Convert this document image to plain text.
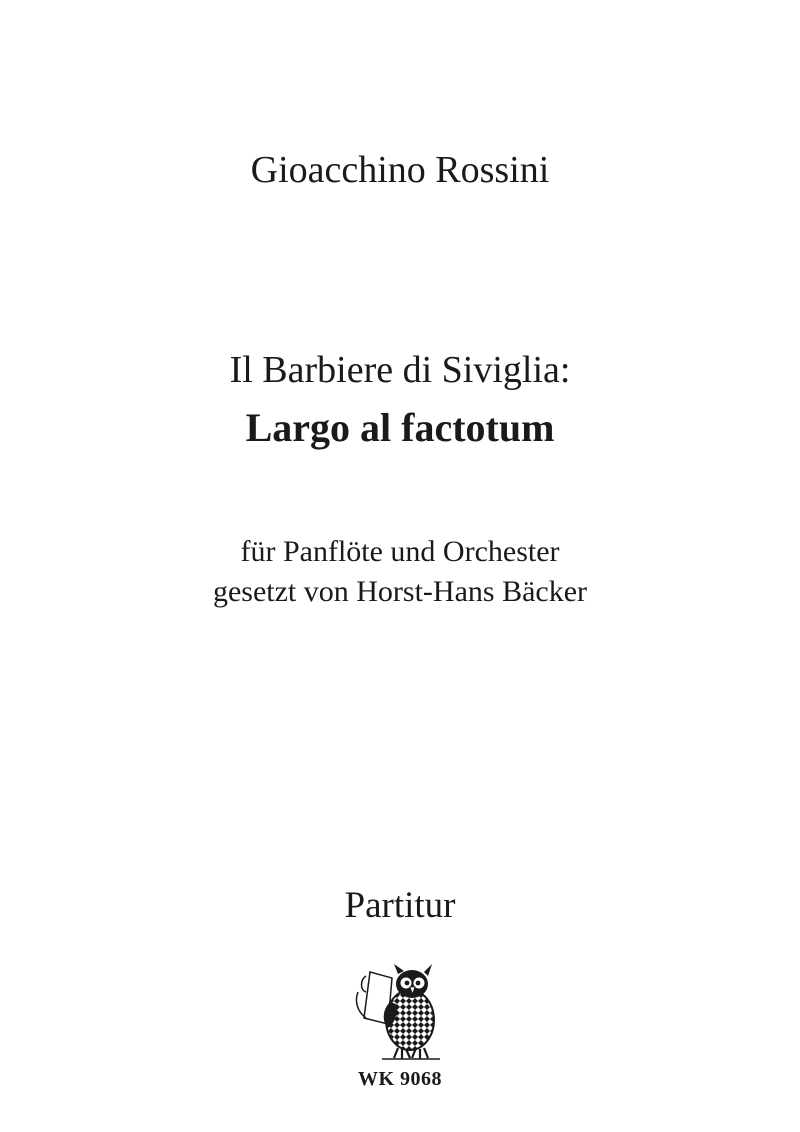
Gioacchino Rossini
Il Barbiere di Siviglia:
Largo al factotum
für Panflöte und Orchester
gesetzt von Horst-Hans Bäcker
Partitur
WK 9068
